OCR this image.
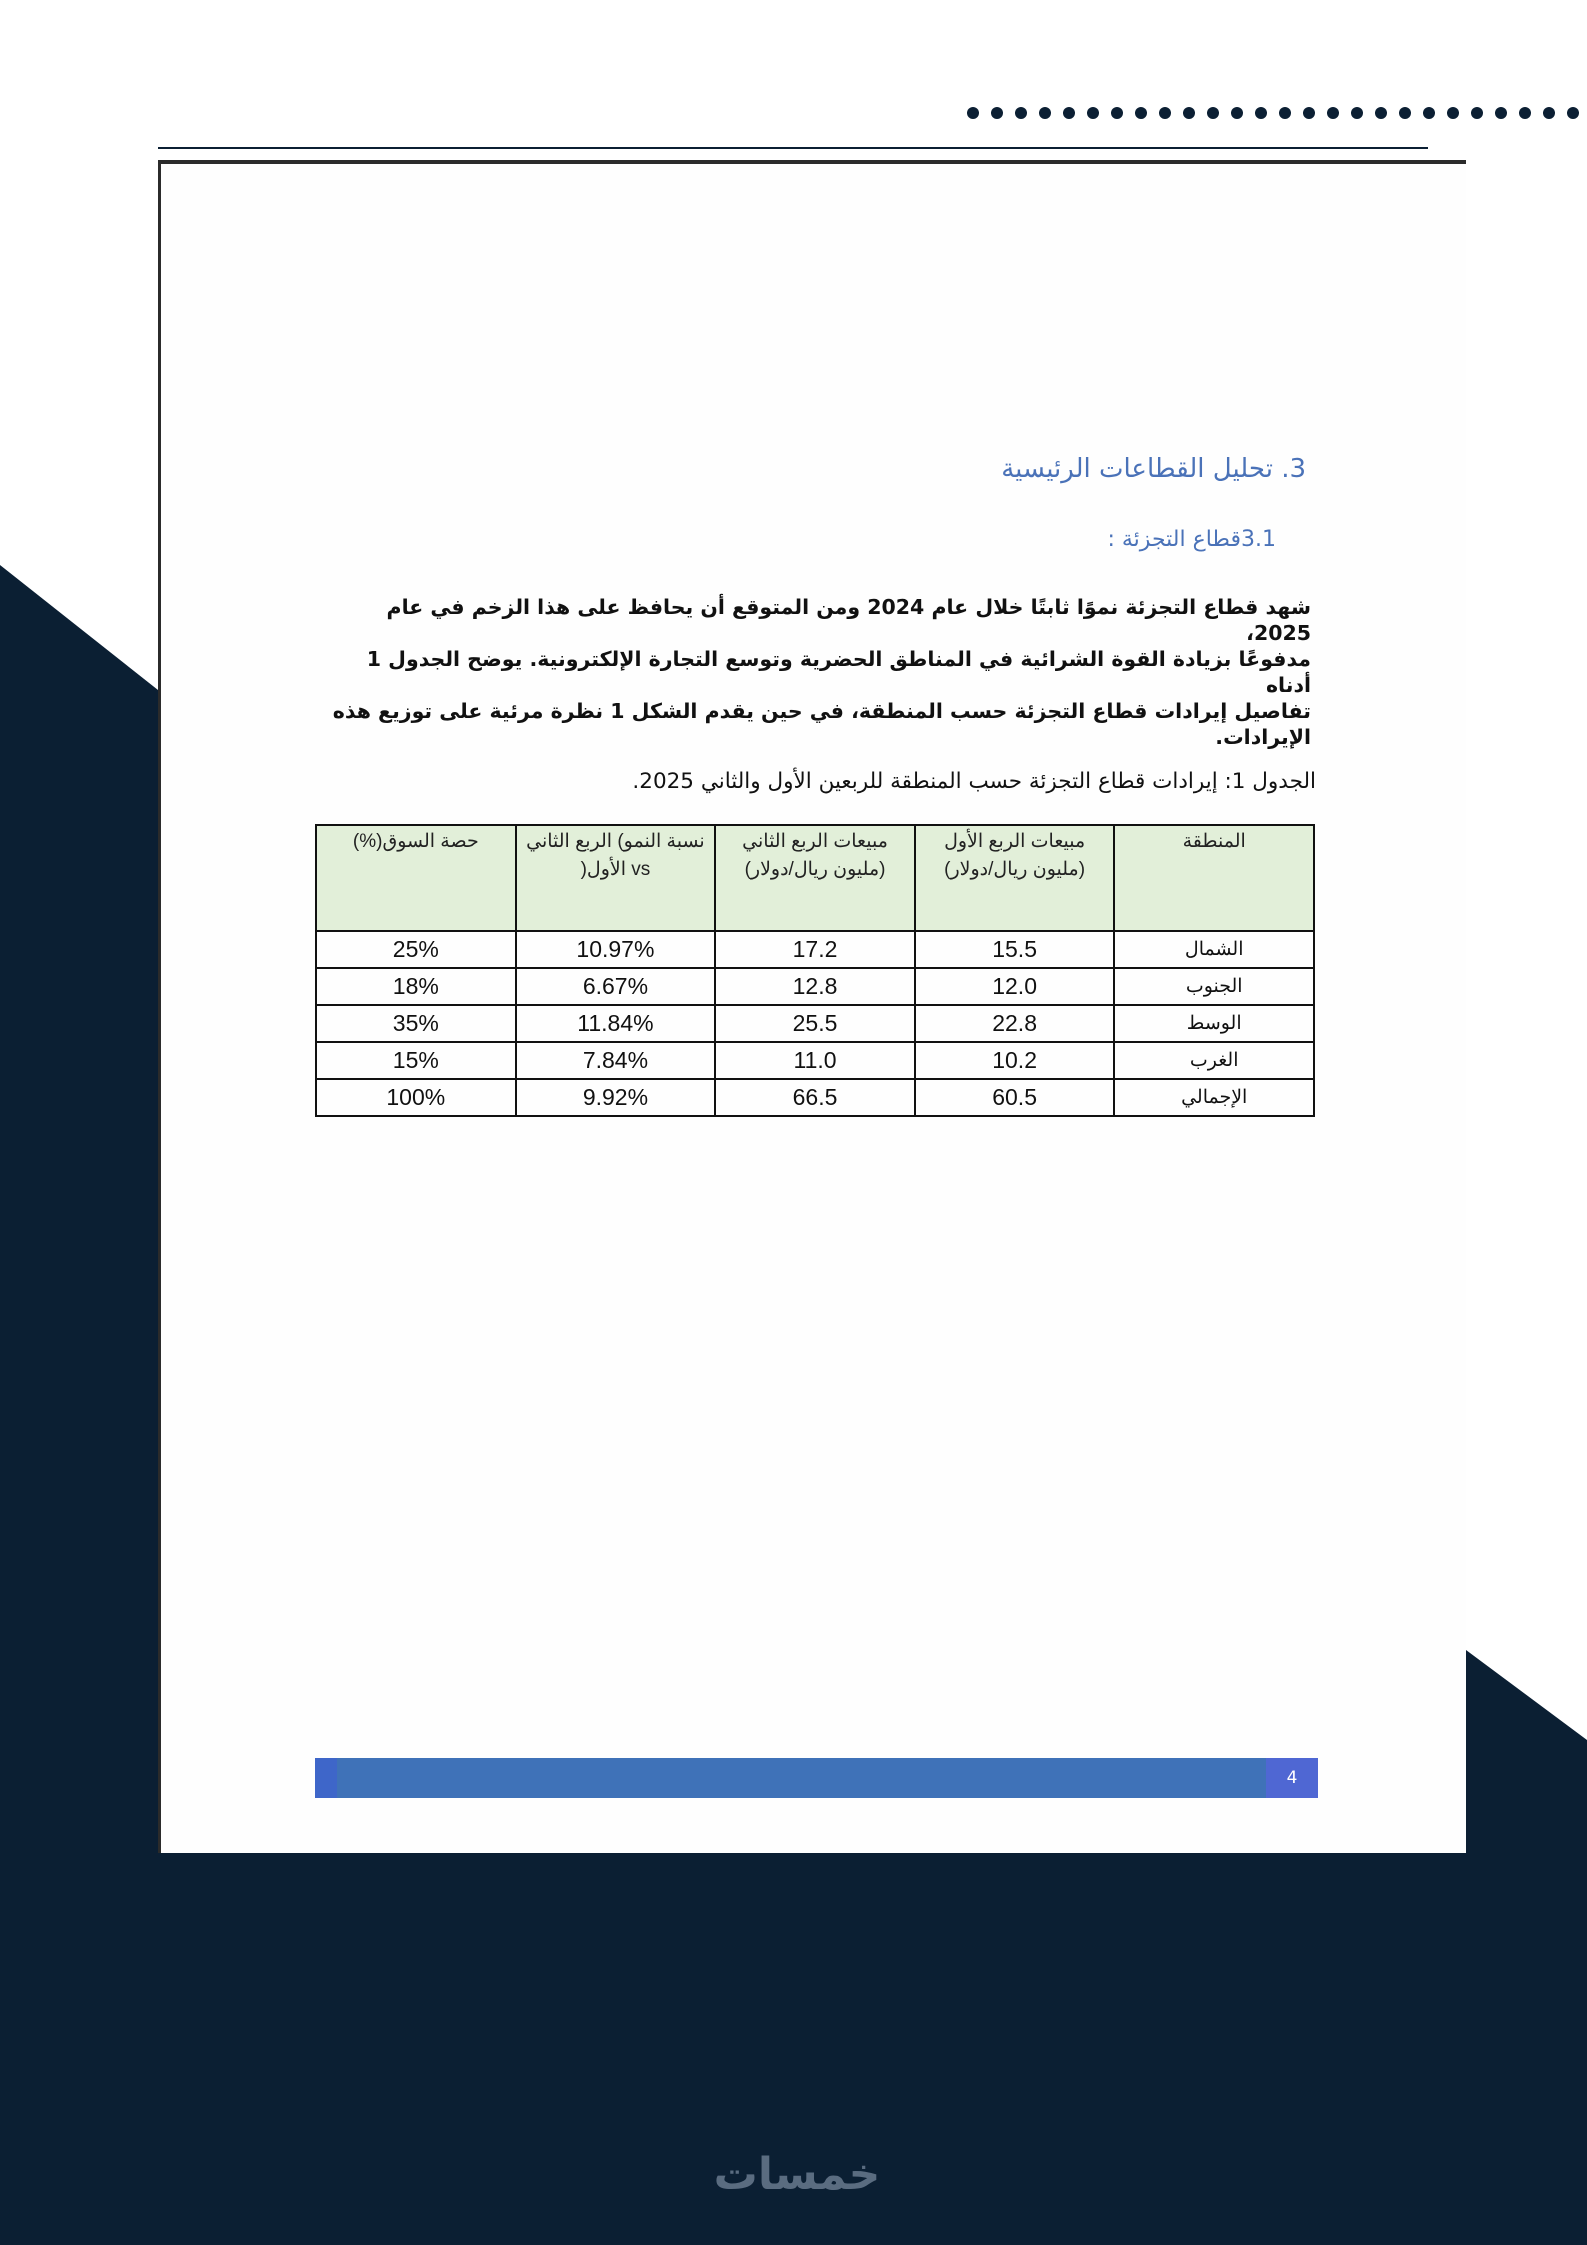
3. تحليل القطاعات الرئيسية
3.1قطاع التجزئة :

شهد قطاع التجزئة نموًا ثابتًا خلال عام 2024 ومن المتوقع أن يحافظ على هذا الزخم في عام 2025،

مدفوعًا بزيادة القوة الشرائية في المناطق الحضرية وتوسع التجارة الإلكترونية. يوضح الجدول 1 أدناه

تفاصيل إيرادات قطاع التجزئة حسب المنطقة، في حين يقدم الشكل 1 نظرة مرئية على توزيع هذه الإيرادات.

الجدول 1: إيرادات قطاع التجزئة حسب المنطقة للربعين الأول والثاني 2025.
المنطقة	مبيعات الربع الأول (مليون ريال/دولار)	مبيعات الربع الثاني (مليون ريال/دولار)	نسبة النمو) الربع الثاني vs الأول(	حصة السوق(%)
الشمال	15.5	17.2	10.97%	25%
الجنوب	12.0	12.8	6.67%	18%
الوسط	22.8	25.5	11.84%	35%
الغرب	10.2	11.0	7.84%	15%
الإجمالي	60.5	66.5	9.92%	100%
4
خمسات
